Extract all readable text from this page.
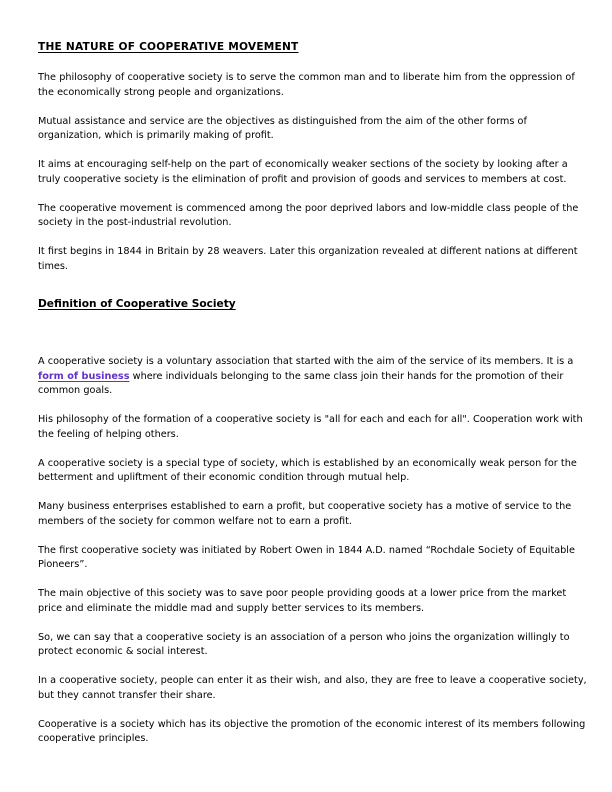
THE NATURE OF COOPERATIVE MOVEMENT

The philosophy of cooperative society is to serve the common man and to liberate him from the oppression of the economically strong people and organizations.

Mutual assistance and service are the objectives as distinguished from the aim of the other forms of organization, which is primarily making of profit.

It aims at encouraging self-help on the part of economically weaker sections of the society by looking after a truly cooperative society is the elimination of profit and provision of goods and services to members at cost.

The cooperative movement is commenced among the poor deprived labors and low-middle class people of the society in the post-industrial revolution.

It first begins in 1844 in Britain by 28 weavers. Later this organization revealed at different nations at different times.

Definition of Cooperative Society

A cooperative society is a voluntary association that started with the aim of the service of its members. It is a form of business where individuals belonging to the same class join their hands for the promotion of their common goals.

His philosophy of the formation of a cooperative society is "all for each and each for all". Cooperation work with the feeling of helping others.

A cooperative society is a special type of society, which is established by an economically weak person for the betterment and upliftment of their economic condition through mutual help.

Many business enterprises established to earn a profit, but cooperative society has a motive of service to the members of the society for common welfare not to earn a profit.

The first cooperative society was initiated by Robert Owen in 1844 A.D. named “Rochdale Society of Equitable Pioneers”.

The main objective of this society was to save poor people providing goods at a lower price from the market price and eliminate the middle mad and supply better services to its members.

So, we can say that a cooperative society is an association of a person who joins the organization willingly to protect economic & social interest.

In a cooperative society, people can enter it as their wish, and also, they are free to leave a cooperative society, but they cannot transfer their share.

Cooperative is a society which has its objective the promotion of the economic interest of its members following cooperative principles.
